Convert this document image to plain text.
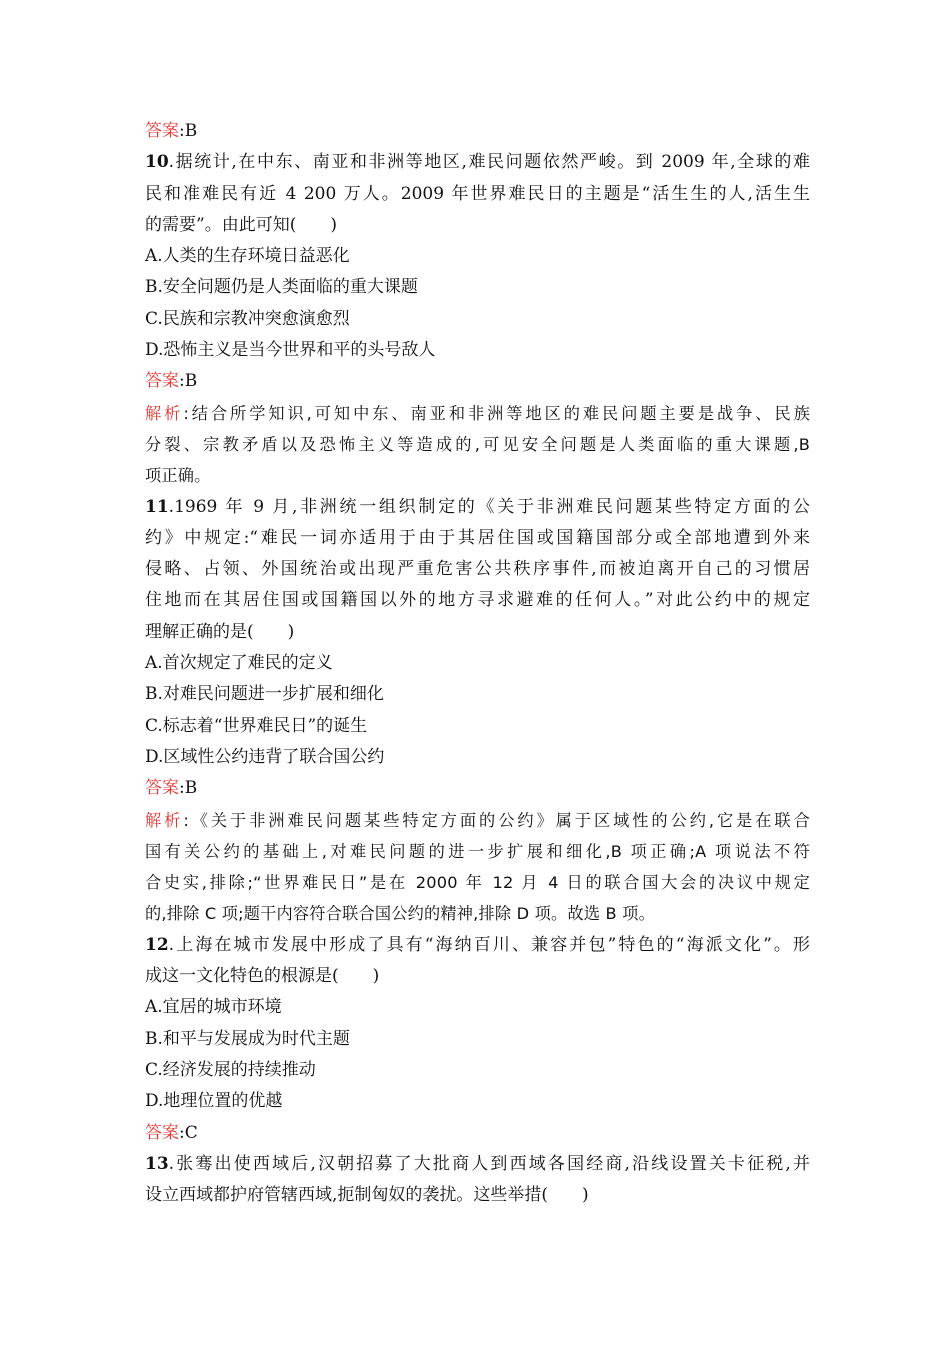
答案:B
10.据统计,在中东、南亚和非洲等地区,难民问题依然严峻。到 2009 年,全球的难
民和准难民有近 4 200 万人。2009 年世界难民日的主题是“活生生的人,活生生
的需要”。由此可知(　　)
A.人类的生存环境日益恶化
B.安全问题仍是人类面临的重大课题
C.民族和宗教冲突愈演愈烈
D.恐怖主义是当今世界和平的头号敌人
答案:B
解析:结合所学知识,可知中东、南亚和非洲等地区的难民问题主要是战争、民族
分裂、宗教矛盾以及恐怖主义等造成的,可见安全问题是人类面临的重大课题,B
项正确。
11.1969 年 9 月,非洲统一组织制定的《关于非洲难民问题某些特定方面的公
约》中规定:“难民一词亦适用于由于其居住国或国籍国部分或全部地遭到外来
侵略、占领、外国统治或出现严重危害公共秩序事件,而被迫离开自己的习惯居
住地而在其居住国或国籍国以外的地方寻求避难的任何人。”对此公约中的规定
理解正确的是(　　)
A.首次规定了难民的定义
B.对难民问题进一步扩展和细化
C.标志着“世界难民日”的诞生
D.区域性公约违背了联合国公约
答案:B
解析:《关于非洲难民问题某些特定方面的公约》属于区域性的公约,它是在联合
国有关公约的基础上,对难民问题的进一步扩展和细化,B 项正确;A 项说法不符
合史实,排除;“世界难民日”是在 2000 年 12 月 4 日的联合国大会的决议中规定
的,排除 C 项;题干内容符合联合国公约的精神,排除 D 项。故选 B 项。
12.上海在城市发展中形成了具有“海纳百川、兼容并包”特色的“海派文化”。形
成这一文化特色的根源是(　　)
A.宜居的城市环境
B.和平与发展成为时代主题
C.经济发展的持续推动
D.地理位置的优越
答案:C
13.张骞出使西域后,汉朝招募了大批商人到西域各国经商,沿线设置关卡征税,并
设立西域都护府管辖西域,扼制匈奴的袭扰。这些举措(　　)
